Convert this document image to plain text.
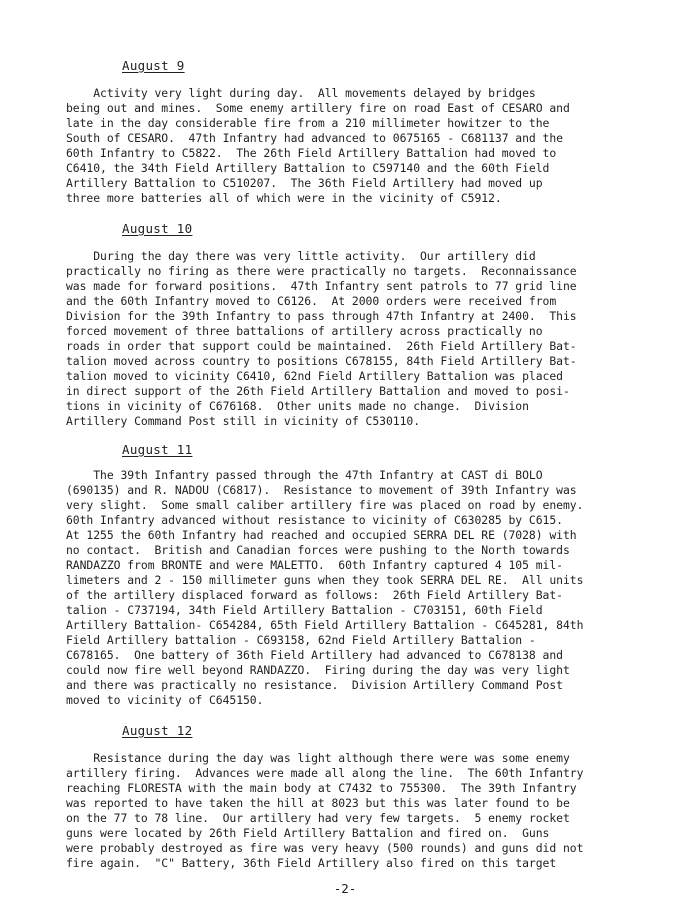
August 9

Activity very light during day.  All movements delayed by bridges

being out and mines.  Some enemy artillery fire on road East of CESARO and

late in the day considerable fire from a 210 millimeter howitzer to the

South of CESARO.  47th Infantry had advanced to 0675165 - C681137 and the

60th Infantry to C5822.  The 26th Field Artillery Battalion had moved to

C6410, the 34th Field Artillery Battalion to C597140 and the 60th Field

Artillery Battalion to C510207.  The 36th Field Artillery had moved up

three more batteries all of which were in the vicinity of C5912.

August 10

During the day there was very little activity.  Our artillery did

practically no firing as there were practically no targets.  Reconnaissance

was made for forward positions.  47th Infantry sent patrols to 77 grid line

and the 60th Infantry moved to C6126.  At 2000 orders were received from

Division for the 39th Infantry to pass through 47th Infantry at 2400.  This

forced movement of three battalions of artillery across practically no

roads in order that support could be maintained.  26th Field Artillery Bat-

talion moved across country to positions C678155, 84th Field Artillery Bat-

talion moved to vicinity C6410, 62nd Field Artillery Battalion was placed

in direct support of the 26th Field Artillery Battalion and moved to posi-

tions in vicinity of C676168.  Other units made no change.  Division

Artillery Command Post still in vicinity of C530110.

August 11

The 39th Infantry passed through the 47th Infantry at CAST di BOLO

(690135) and R. NADOU (C6817).  Resistance to movement of 39th Infantry was

very slight.  Some small caliber artillery fire was placed on road by enemy.

60th Infantry advanced without resistance to vicinity of C630285 by C615.

At 1255 the 60th Infantry had reached and occupied SERRA DEL RE (7028) with

no contact.  British and Canadian forces were pushing to the North towards

RANDAZZO from BRONTE and were MALETTO.  60th Infantry captured 4 105 mil-

limeters and 2 - 150 millimeter guns when they took SERRA DEL RE.  All units

of the artillery displaced forward as follows:  26th Field Artillery Bat-

talion - C737194, 34th Field Artillery Battalion - C703151, 60th Field

Artillery Battalion- C654284, 65th Field Artillery Battalion - C645281, 84th

Field Artillery battalion - C693158, 62nd Field Artillery Battalion -

C678165.  One battery of 36th Field Artillery had advanced to C678138 and

could now fire well beyond RANDAZZO.  Firing during the day was very light

and there was practically no resistance.  Division Artillery Command Post

moved to vicinity of C645150.

August 12

Resistance during the day was light although there were was some enemy

artillery firing.  Advances were made all along the line.  The 60th Infantry

reaching FLORESTA with the main body at C7432 to 755300.  The 39th Infantry

was reported to have taken the hill at 8023 but this was later found to be

on the 77 to 78 line.  Our artillery had very few targets.  5 enemy rocket

guns were located by 26th Field Artillery Battalion and fired on.  Guns

were probably destroyed as fire was very heavy (500 rounds) and guns did not

fire again.  "C" Battery, 36th Field Artillery also fired on this target

-2-
